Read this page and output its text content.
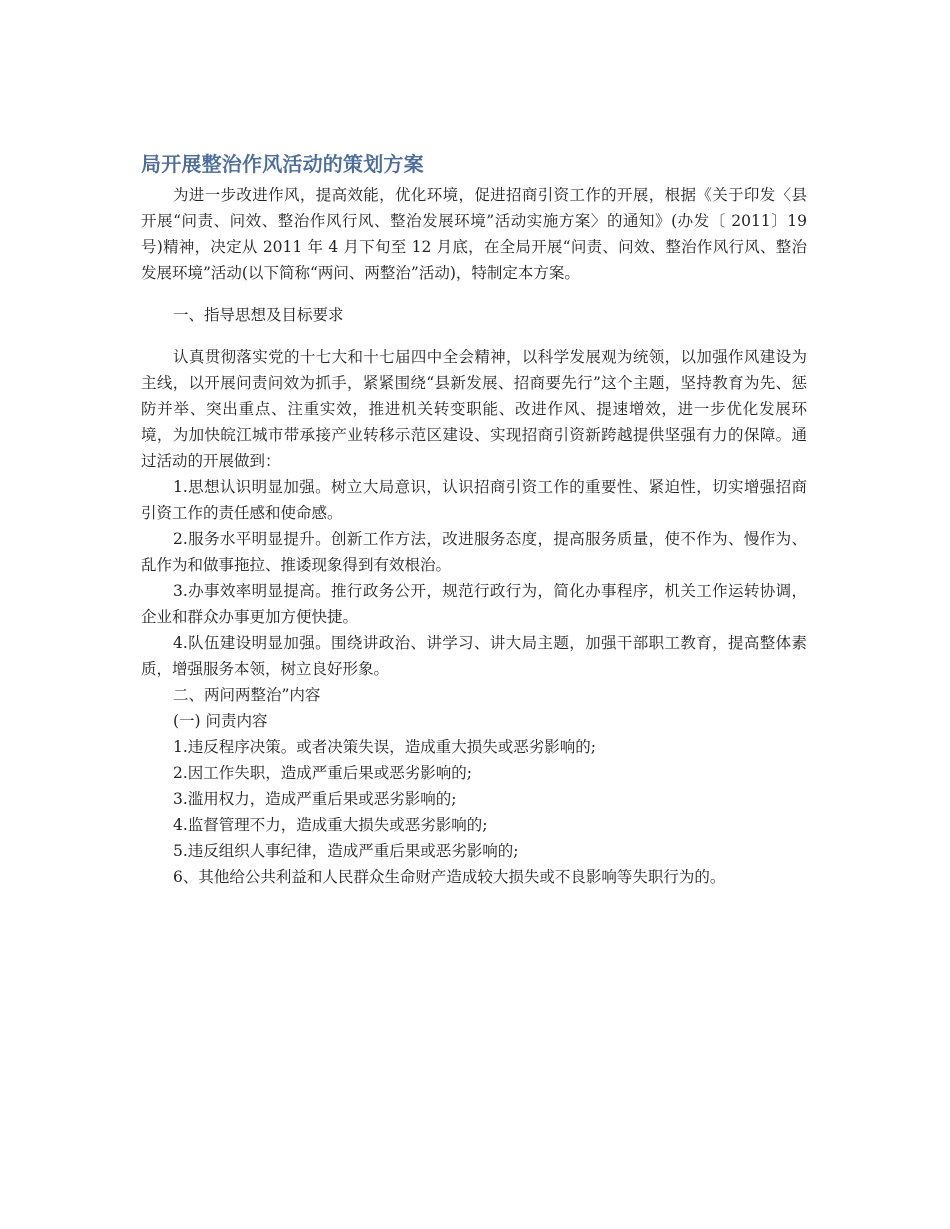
局开展整治作风活动的策划方案

为进一步改进作风，提高效能，优化环境，促进招商引资工作的开展，根据《关于印发〈县开展“问责、问效、整治作风行风、整治发展环境”活动实施方案〉的通知》(办发〔 2011〕19 号)精神，决定从 2011 年 4 月下旬至 12 月底，在全局开展“问责、问效、整治作风行风、整治发展环境”活动(以下简称“两问、两整治”活动)，特制定本方案。

一、指导思想及目标要求

认真贯彻落实党的十七大和十七届四中全会精神，以科学发展观为统领，以加强作风建设为主线，以开展问责问效为抓手，紧紧围绕“县新发展、招商要先行”这个主题，坚持教育为先、惩防并举、突出重点、注重实效，推进机关转变职能、改进作风、提速增效，进一步优化发展环境，为加快皖江城市带承接产业转移示范区建设、实现招商引资新跨越提供坚强有力的保障。通过活动的开展做到：

1.思想认识明显加强。树立大局意识，认识招商引资工作的重要性、紧迫性，切实增强招商引资工作的责任感和使命感。

2.服务水平明显提升。创新工作方法，改进服务态度，提高服务质量，使不作为、慢作为、乱作为和做事拖拉、推诿现象得到有效根治。

3.办事效率明显提高。推行政务公开，规范行政行为，简化办事程序，机关工作运转协调，企业和群众办事更加方便快捷。

4.队伍建设明显加强。围绕讲政治、讲学习、讲大局主题，加强干部职工教育，提高整体素质，增强服务本领，树立良好形象。

二、两问两整治”内容

(一) 问责内容

1.违反程序决策。或者决策失误，造成重大损失或恶劣影响的;

2.因工作失职，造成严重后果或恶劣影响的;

3.滥用权力，造成严重后果或恶劣影响的;

4.监督管理不力，造成重大损失或恶劣影响的;

5.违反组织人事纪律，造成严重后果或恶劣影响的;

6、其他给公共利益和人民群众生命财产造成较大损失或不良影响等失职行为的。
